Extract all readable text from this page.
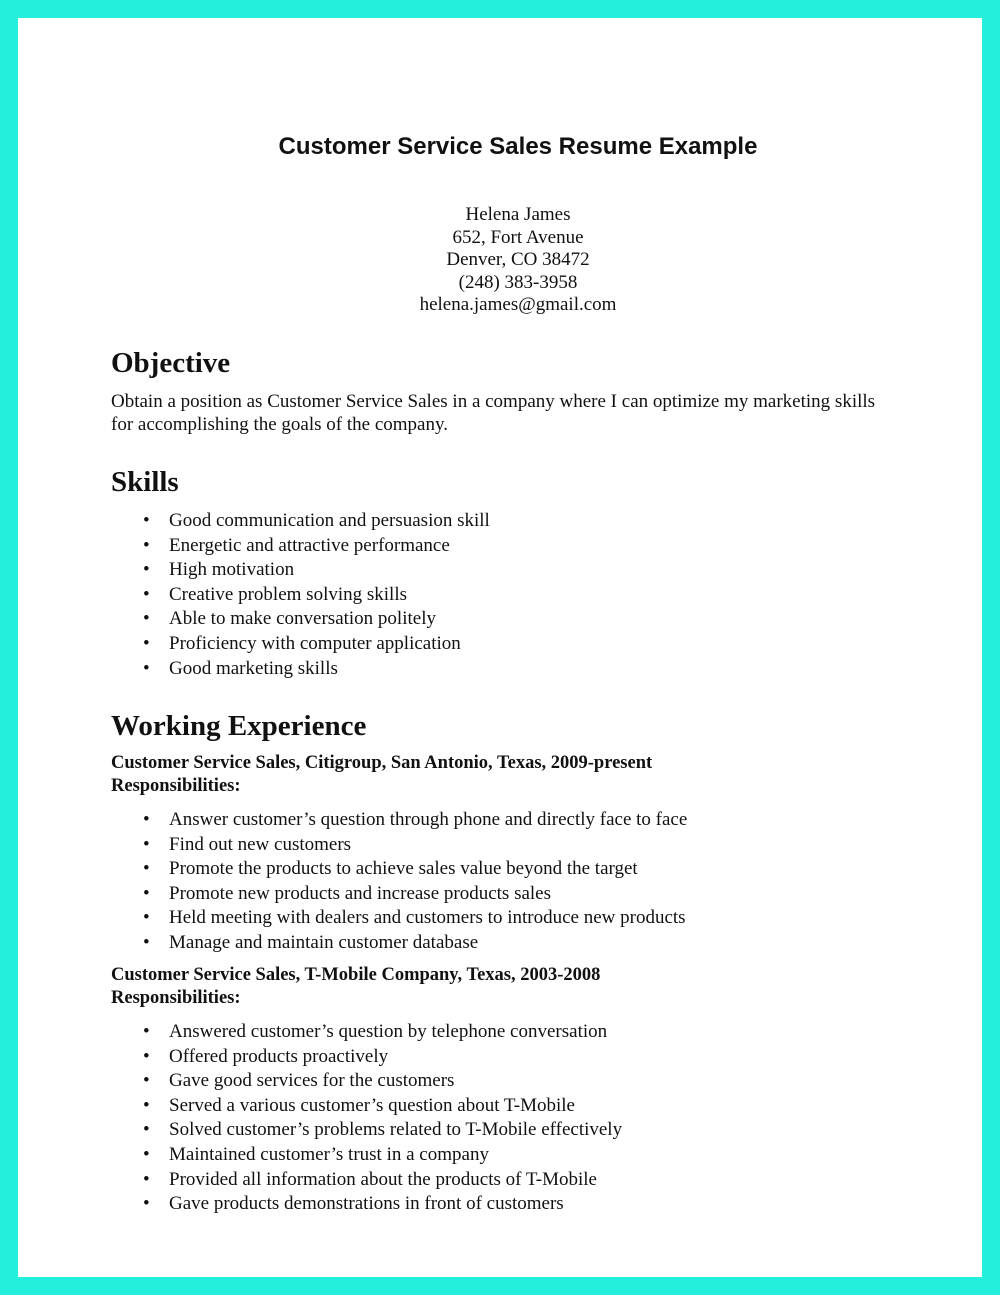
Customer Service Sales Resume Example
Helena James
652, Fort Avenue
Denver, CO 38472
(248) 383-3958
helena.james@gmail.com
Objective
Obtain a position as Customer Service Sales in a company where I can optimize my marketing skills
for accomplishing the goals of the company.
Skills
• Good communication and persuasion skill
• Energetic and attractive performance
• High motivation
• Creative problem solving skills
• Able to make conversation politely
• Proficiency with computer application
• Good marketing skills
Working Experience
Customer Service Sales, Citigroup, San Antonio, Texas, 2009-present
Responsibilities:
• Answer customer’s question through phone and directly face to face
• Find out new customers
• Promote the products to achieve sales value beyond the target
• Promote new products and increase products sales
• Held meeting with dealers and customers to introduce new products
• Manage and maintain customer database
Customer Service Sales, T-Mobile Company, Texas, 2003-2008
Responsibilities:
• Answered customer’s question by telephone conversation
• Offered products proactively
• Gave good services for the customers
• Served a various customer’s question about T-Mobile
• Solved customer’s problems related to T-Mobile effectively
• Maintained customer’s trust in a company
• Provided all information about the products of T-Mobile
• Gave products demonstrations in front of customers
